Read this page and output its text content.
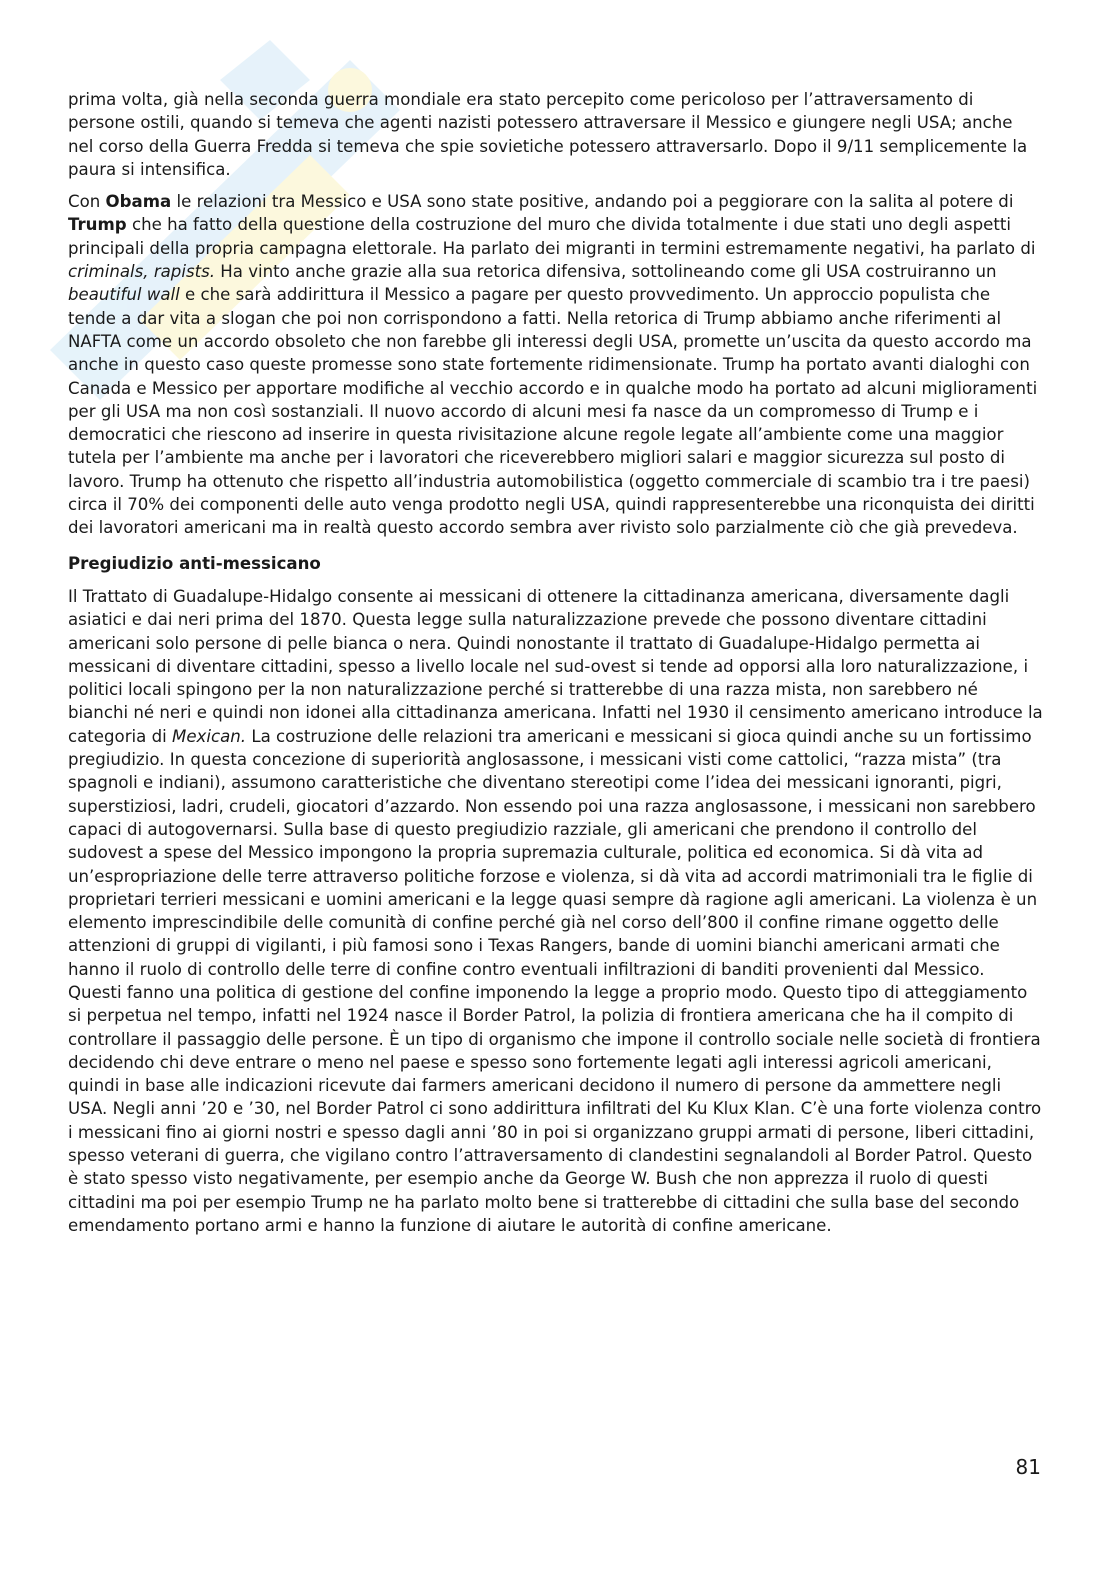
prima volta, già nella seconda guerra mondiale era stato percepito come pericoloso per l’attraversamento di persone ostili, quando si temeva che agenti nazisti potessero attraversare il Messico e giungere negli USA; anche nel corso della Guerra Fredda si temeva che spie sovietiche potessero attraversarlo. Dopo il 9/11 semplicemente la paura si intensifica.

Con Obama le relazioni tra Messico e USA sono state positive, andando poi a peggiorare con la salita al potere di Trump che ha fatto della questione della costruzione del muro che divida totalmente i due stati uno degli aspetti principali della propria campagna elettorale. Ha parlato dei migranti in termini estremamente negativi, ha parlato di criminals, rapists. Ha vinto anche grazie alla sua retorica difensiva, sottolineando come gli USA costruiranno un beautiful wall e che sarà addirittura il Messico a pagare per questo provvedimento. Un approccio populista che tende a dar vita a slogan che poi non corrispondono a fatti. Nella retorica di Trump abbiamo anche riferimenti al NAFTA come un accordo obsoleto che non farebbe gli interessi degli USA, promette un’uscita da questo accordo ma anche in questo caso queste promesse sono state fortemente ridimensionate. Trump ha portato avanti dialoghi con Canada e Messico per apportare modifiche al vecchio accordo e in qualche modo ha portato ad alcuni miglioramenti per gli USA ma non così sostanziali. Il nuovo accordo di alcuni mesi fa nasce da un compromesso di Trump e i democratici che riescono ad inserire in questa rivisitazione alcune regole legate all’ambiente come una maggior tutela per l’ambiente ma anche per i lavoratori che riceverebbero migliori salari e maggior sicurezza sul posto di lavoro. Trump ha ottenuto che rispetto all’industria automobilistica (oggetto commerciale di scambio tra i tre paesi) circa il 70% dei componenti delle auto venga prodotto negli USA, quindi rappresenterebbe una riconquista dei diritti dei lavoratori americani ma in realtà questo accordo sembra aver rivisto solo parzialmente ciò che già prevedeva.

Pregiudizio anti-messicano

Il Trattato di Guadalupe-Hidalgo consente ai messicani di ottenere la cittadinanza americana, diversamente dagli asiatici e dai neri prima del 1870. Questa legge sulla naturalizzazione prevede che possono diventare cittadini americani solo persone di pelle bianca o nera. Quindi nonostante il trattato di Guadalupe-Hidalgo permetta ai messicani di diventare cittadini, spesso a livello locale nel sud-ovest si tende ad opporsi alla loro naturalizzazione, i politici locali spingono per la non naturalizzazione perché si tratterebbe di una razza mista, non sarebbero né bianchi né neri e quindi non idonei alla cittadinanza americana. Infatti nel 1930 il censimento americano introduce la categoria di Mexican. La costruzione delle relazioni tra americani e messicani si gioca quindi anche su un fortissimo pregiudizio. In questa concezione di superiorità anglosassone, i messicani visti come cattolici, “razza mista” (tra spagnoli e indiani), assumono caratteristiche che diventano stereotipi come l’idea dei messicani ignoranti, pigri, superstiziosi, ladri, crudeli, giocatori d’azzardo. Non essendo poi una razza anglosassone, i messicani non sarebbero capaci di autogovernarsi. Sulla base di questo pregiudizio razziale, gli americani che prendono il controllo del sudovest a spese del Messico impongono la propria supremazia culturale, politica ed economica. Si dà vita ad un’espropriazione delle terre attraverso politiche forzose e violenza, si dà vita ad accordi matrimoniali tra le figlie di proprietari terrieri messicani e uomini americani e la legge quasi sempre dà ragione agli americani. La violenza è un elemento imprescindibile delle comunità di confine perché già nel corso dell’800 il confine rimane oggetto delle attenzioni di gruppi di vigilanti, i più famosi sono i Texas Rangers, bande di uomini bianchi americani armati che hanno il ruolo di controllo delle terre di confine contro eventuali infiltrazioni di banditi provenienti dal Messico. Questi fanno una politica di gestione del confine imponendo la legge a proprio modo. Questo tipo di atteggiamento si perpetua nel tempo, infatti nel 1924 nasce il Border Patrol, la polizia di frontiera americana che ha il compito di controllare il passaggio delle persone. È un tipo di organismo che impone il controllo sociale nelle società di frontiera decidendo chi deve entrare o meno nel paese e spesso sono fortemente legati agli interessi agricoli americani, quindi in base alle indicazioni ricevute dai farmers americani decidono il numero di persone da ammettere negli USA. Negli anni ’20 e ’30, nel Border Patrol ci sono addirittura infiltrati del Ku Klux Klan. C’è una forte violenza contro i messicani fino ai giorni nostri e spesso dagli anni ’80 in poi si organizzano gruppi armati di persone, liberi cittadini, spesso veterani di guerra, che vigilano contro l’attraversamento di clandestini segnalandoli al Border Patrol. Questo è stato spesso visto negativamente, per esempio anche da George W. Bush che non apprezza il ruolo di questi cittadini ma poi per esempio Trump ne ha parlato molto bene si tratterebbe di cittadini che sulla base del secondo emendamento portano armi e hanno la funzione di aiutare le autorità di confine americane.

81
